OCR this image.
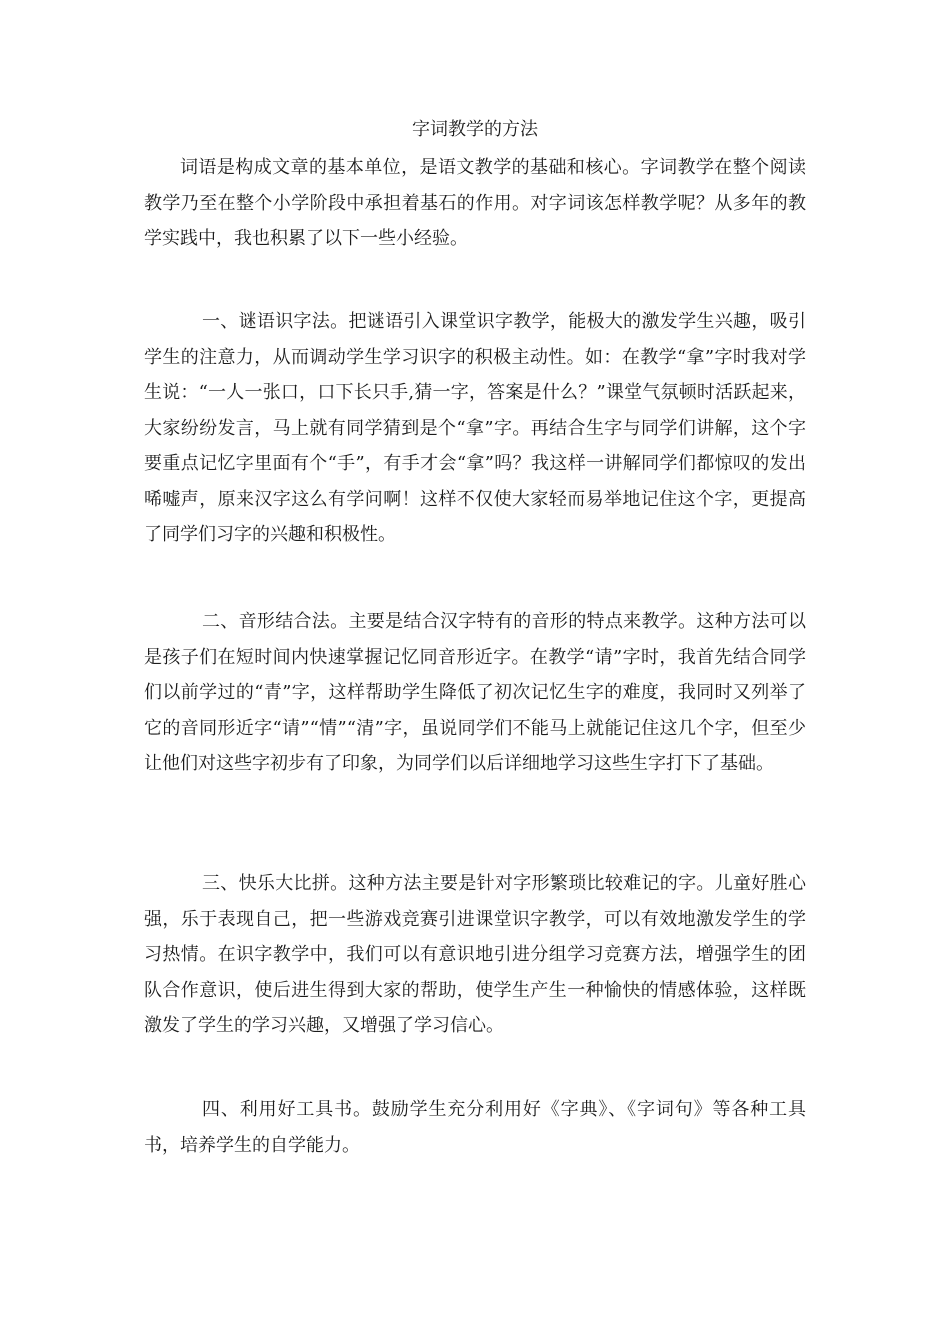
字词教学的方法

词语是构成文章的基本单位，是语文教学的基础和核心。字词教学在整个阅读教学乃至在整个小学阶段中承担着基石的作用。对字词该怎样教学呢？从多年的教学实践中，我也积累了以下一些小经验。

一、谜语识字法。把谜语引入课堂识字教学，能极大的激发学生兴趣，吸引学生的注意力，从而调动学生学习识字的积极主动性。如：在教学“拿”字时我对学生说：“一人一张口，口下长只手,猜一字，答案是什么？”课堂气氛顿时活跃起来，大家纷纷发言，马上就有同学猜到是个“拿”字。再结合生字与同学们讲解，这个字要重点记忆字里面有个“手”，有手才会“拿”吗？我这样一讲解同学们都惊叹的发出唏嘘声，原来汉字这么有学问啊！这样不仅使大家轻而易举地记住这个字，更提高了同学们习字的兴趣和积极性。

二、音形结合法。主要是结合汉字特有的音形的特点来教学。这种方法可以是孩子们在短时间内快速掌握记忆同音形近字。在教学“请”字时，我首先结合同学们以前学过的“青”字，这样帮助学生降低了初次记忆生字的难度，我同时又列举了它的音同形近字“请”“情”“清”字，虽说同学们不能马上就能记住这几个字，但至少让他们对这些字初步有了印象，为同学们以后详细地学习这些生字打下了基础。

三、快乐大比拼。这种方法主要是针对字形繁琐比较难记的字。儿童好胜心强，乐于表现自己，把一些游戏竞赛引进课堂识字教学，可以有效地激发学生的学习热情。在识字教学中，我们可以有意识地引进分组学习竞赛方法，增强学生的团队合作意识，使后进生得到大家的帮助，使学生产生一种愉快的情感体验，这样既激发了学生的学习兴趣，又增强了学习信心。

四、利用好工具书。鼓励学生充分利用好《字典》、《字词句》等各种工具书，培养学生的自学能力。
